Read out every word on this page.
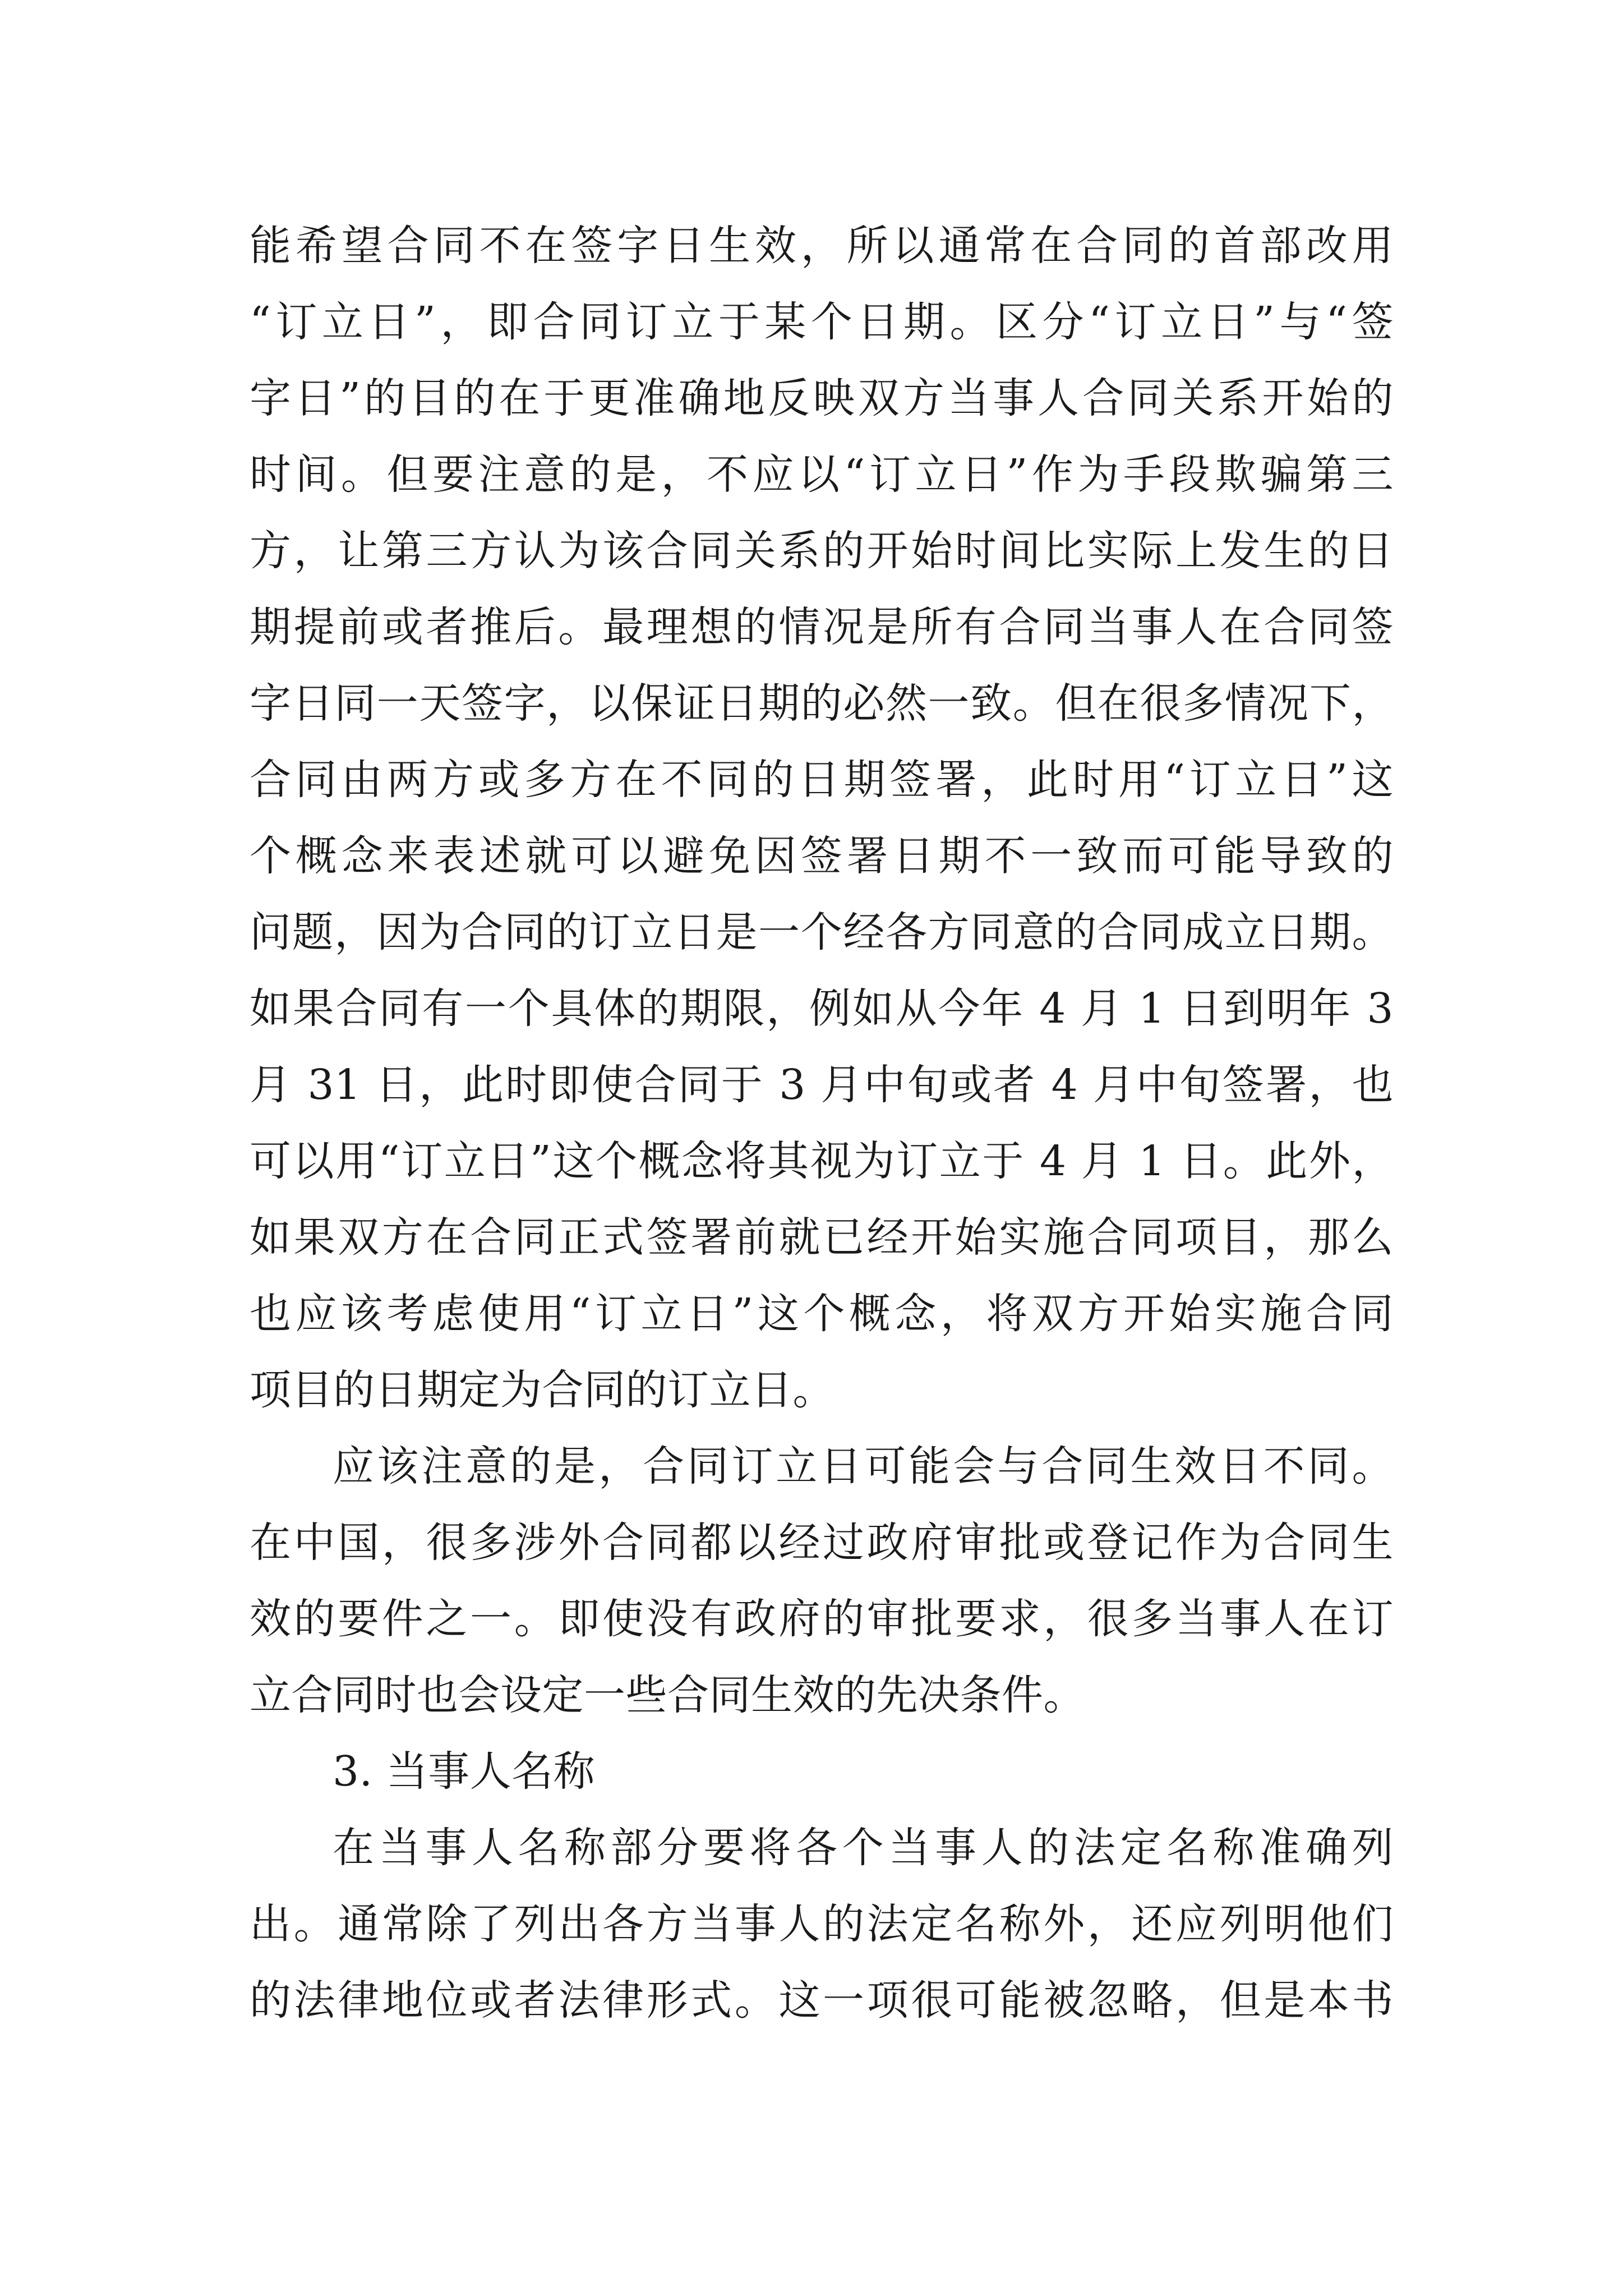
能希望合同不在签字日生效，所以通常在合同的首部改用
“订立日”，即合同订立于某个日期。区分“订立日”与“签
字日”的目的在于更准确地反映双方当事人合同关系开始的
时间。但要注意的是，不应以“订立日”作为手段欺骗第三
方，让第三方认为该合同关系的开始时间比实际上发生的日
期提前或者推后。最理想的情况是所有合同当事人在合同签
字日同一天签字，以保证日期的必然一致。但在很多情况下，
合同由两方或多方在不同的日期签署，此时用“订立日”这
个概念来表述就可以避免因签署日期不一致而可能导致的
问题，因为合同的订立日是一个经各方同意的合同成立日期。
如果合同有一个具体的期限，例如从今年 4 月 1 日到明年 3
月 31 日，此时即使合同于 3 月中旬或者 4 月中旬签署，也
可以用“订立日”这个概念将其视为订立于 4 月 1 日。此外，
如果双方在合同正式签署前就已经开始实施合同项目，那么
也应该考虑使用“订立日”这个概念，将双方开始实施合同
项目的日期定为合同的订立日。
应该注意的是，合同订立日可能会与合同生效日不同。
在中国，很多涉外合同都以经过政府审批或登记作为合同生
效的要件之一。即使没有政府的审批要求，很多当事人在订
立合同时也会设定一些合同生效的先决条件。
3. 当事人名称
在当事人名称部分要将各个当事人的法定名称准确列
出。通常除了列出各方当事人的法定名称外，还应列明他们
的法律地位或者法律形式。这一项很可能被忽略，但是本书
